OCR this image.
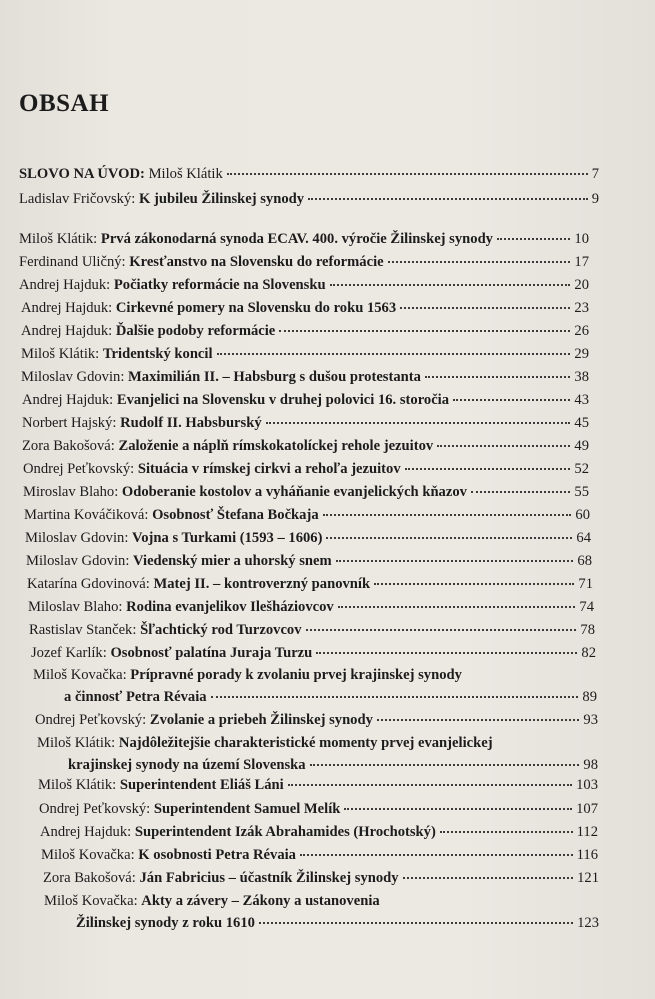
OBSAH
SLOVO NA ÚVOD:
Miloš Klátik	7
Ladislav Fričovský:
K jubileu Žilinskej synody	9
Miloš Klátik:
Prvá zákonodarná synoda ECAV. 400. výročie Žilinskej synody	10
Ferdinand Uličný:
Kresťanstvo na Slovensku do reformácie	17
Andrej Hajduk:
Počiatky reformácie na Slovensku	20
Andrej Hajduk:
Cirkevné pomery na Slovensku do roku 1563	23
Andrej Hajduk:
Ďalšie podoby reformácie	26
Miloš Klátik:
Tridentský koncil	29
Miloslav Gdovin:
Maximilián II. – Habsburg s dušou protestanta	38
Andrej Hajduk:
Evanjelici na Slovensku v druhej polovici 16. storočia	43
Norbert Hajský:
Rudolf II. Habsburský	45
Zora Bakošová:
Založenie a náplň rímskokatolíckej rehole jezuitov	49
Ondrej Peťkovský:
Situácia v rímskej cirkvi a rehoľa jezuitov	52
Miroslav Blaho:
Odoberanie kostolov a vyháňanie evanjelických kňazov	55
Martina Kováčiková:
Osobnosť Štefana Bočkaja	60
Miloslav Gdovin:
Vojna s Turkami (1593 – 1606)	64
Miloslav Gdovin:
Viedenský mier a uhorský snem	68
Katarína Gdovinová:
Matej II. – kontroverzný panovník	71
Miloslav Blaho:
Rodina evanjelikov Ilešháziovcov	74
Rastislav Stanček:
Šľachtický rod Turzovcov	78
Jozef Karlík:
Osobnosť palatína Juraja Turzu	82
Miloš Kovačka: Prípravné porady k zvolaniu prvej krajinskej synody
a činnosť Petra Révaia	89
Ondrej Peťkovský:
Zvolanie a priebeh Žilinskej synody	93
Miloš Klátik: Najdôležitejšie charakteristické momenty prvej evanjelickej
krajinskej synody na území Slovenska	98
Miloš Klátik:
Superintendent Eliáš Láni	103
Ondrej Peťkovský:
Superintendent Samuel Melík	107
Andrej Hajduk:
Superintendent Izák Abrahamides (Hrochotský)	112
Miloš Kovačka:
K osobnosti Petra Révaia	116
Zora Bakošová:
Ján Fabricius – účastník Žilinskej synody	121
Miloš Kovačka: Akty a závery – Zákony a ustanovenia
Žilinskej synody z roku 1610	123
